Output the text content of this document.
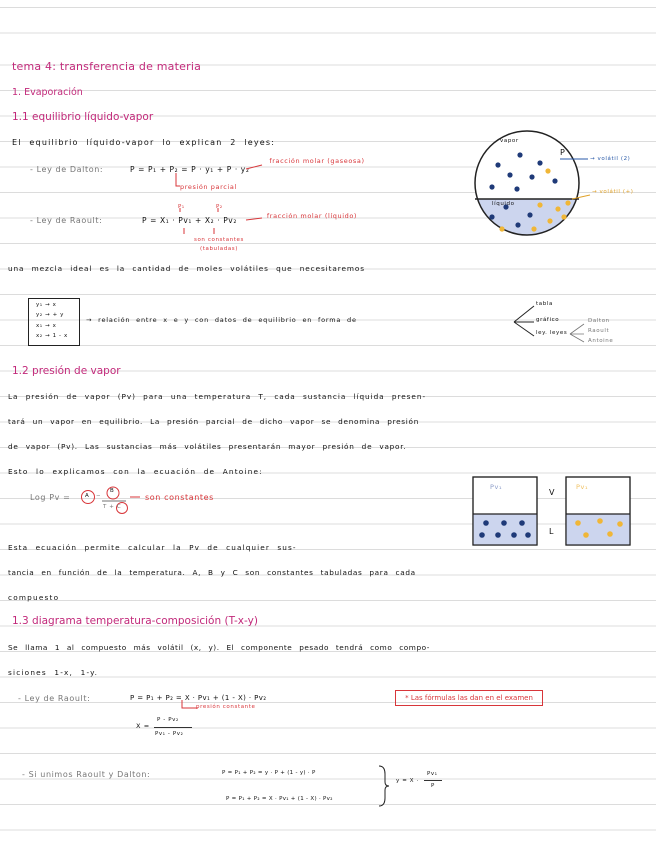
tema 4: transferencia de materia
1. Evaporación
1.1 equilibrio líquido-vapor
El equilibrio líquido-vapor lo explican 2 leyes:
- Ley de Dalton:	P = P₁ + P₂ = P · y₁ + P · y₂
fracción molar (gaseosa)
presión parcial
P₁	P₂
- Ley de Raoult:	P = X₁ · Pv₁ + X₂ · Pv₂	fracción molar (líquido)
son constantes (tabuladas)
vapor
líquido
P
→ volátil (2)
→ volátil (+)
una mezcla ideal es la cantidad de moles volátiles que necesitaremos
y₁ → x
y₂ → + y
x₁ → x
x₂ → 1 - x
→ relación entre x e y con datos de equilibrio en forma de
tabla
gráfico
ley. leyes
Dalton
Raoult
Antoine
1.2 presión de vapor
La presión de vapor (Pv) para una temperatura T, cada sustancia líquida presen-
tará un vapor en equilibrio. La presión parcial de dicho vapor se denomina presión
de vapor (Pv). Las sustancias más volátiles presentarán mayor presión de vapor.
Esto lo explicamos con la ecuación de Antoine:
Log Pv =	A −
B
T + C
son constantes
Pv₁	Pv₁
V
L
Esta ecuación permite calcular la Pv de cualquier sus-
tancia en función de la temperatura. A, B y C son constantes tabuladas para cada
compuesto
1.3 diagrama temperatura-composición (T-x-y)
Se llama 1 al compuesto más volátil (x, y). El componente pesado tendrá como compo-
siciones 1-x, 1-y.
- Ley de Raoult:	P = P₁ + P₂ = X · Pv₁ + (1 - X) · Pv₂
presión constante
X =
P - Pv₂
Pv₁ - Pv₂
* Las fórmulas las dan en el examen
- Si unimos Raoult y Dalton:	P = P₁ + P₂ = y · P + (1 - y) · P
P = P₁ + P₂ = X · Pv₁ + (1 - X) · Pv₂
y = X ·
Pv₁
P
